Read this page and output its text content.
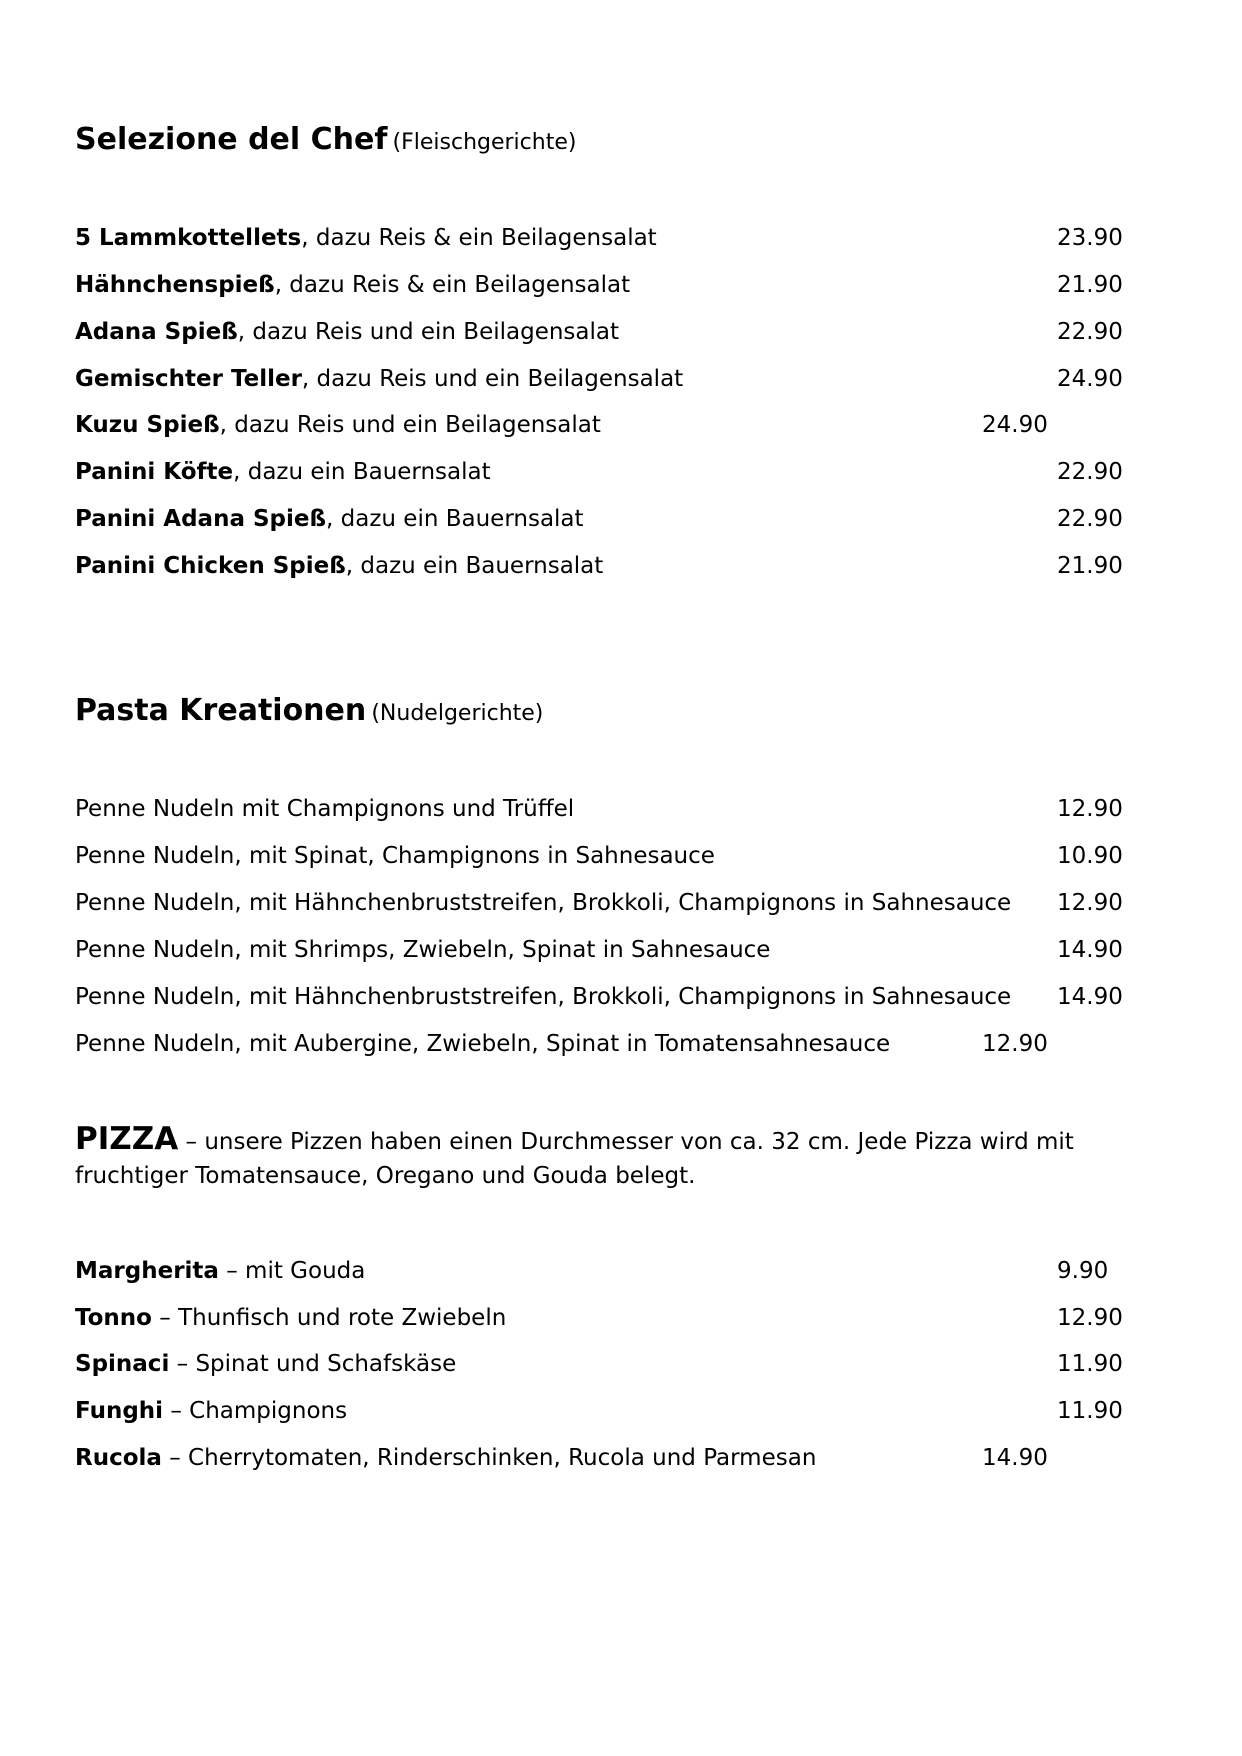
Selezione del Chef (Fleischgerichte)
5 Lammkottellets, dazu Reis & ein Beilagensalat	23.90
Hähnchenspieß, dazu Reis & ein Beilagensalat	21.90
Adana Spieß, dazu Reis und ein Beilagensalat	22.90
Gemischter Teller, dazu Reis und ein Beilagensalat	24.90
Kuzu Spieß, dazu Reis und ein Beilagensalat	24.90
Panini Köfte, dazu ein Bauernsalat	22.90
Panini Adana Spieß, dazu ein Bauernsalat	22.90
Panini Chicken Spieß, dazu ein Bauernsalat	21.90
Pasta Kreationen (Nudelgerichte)
Penne Nudeln mit Champignons und Trüffel	12.90
Penne Nudeln, mit Spinat, Champignons in Sahnesauce	10.90
Penne Nudeln, mit Hähnchenbruststreifen, Brokkoli, Champignons in Sahnesauce 12.90
Penne Nudeln, mit Shrimps, Zwiebeln, Spinat in Sahnesauce	14.90
Penne Nudeln, mit Hähnchenbruststreifen, Brokkoli, Champignons in Sahnesauce 14.90
Penne Nudeln, mit Aubergine, Zwiebeln, Spinat in Tomatensahnesauce	12.90
PIZZA – unsere Pizzen haben einen Durchmesser von ca. 32 cm. Jede Pizza wird mit fruchtiger Tomatensauce, Oregano und Gouda belegt.
Margherita – mit Gouda	9.90
Tonno – Thunfisch und rote Zwiebeln	12.90
Spinaci – Spinat und Schafskäse	11.90
Funghi – Champignons	11.90
Rucola – Cherrytomaten, Rinderschinken, Rucola und Parmesan	14.90
